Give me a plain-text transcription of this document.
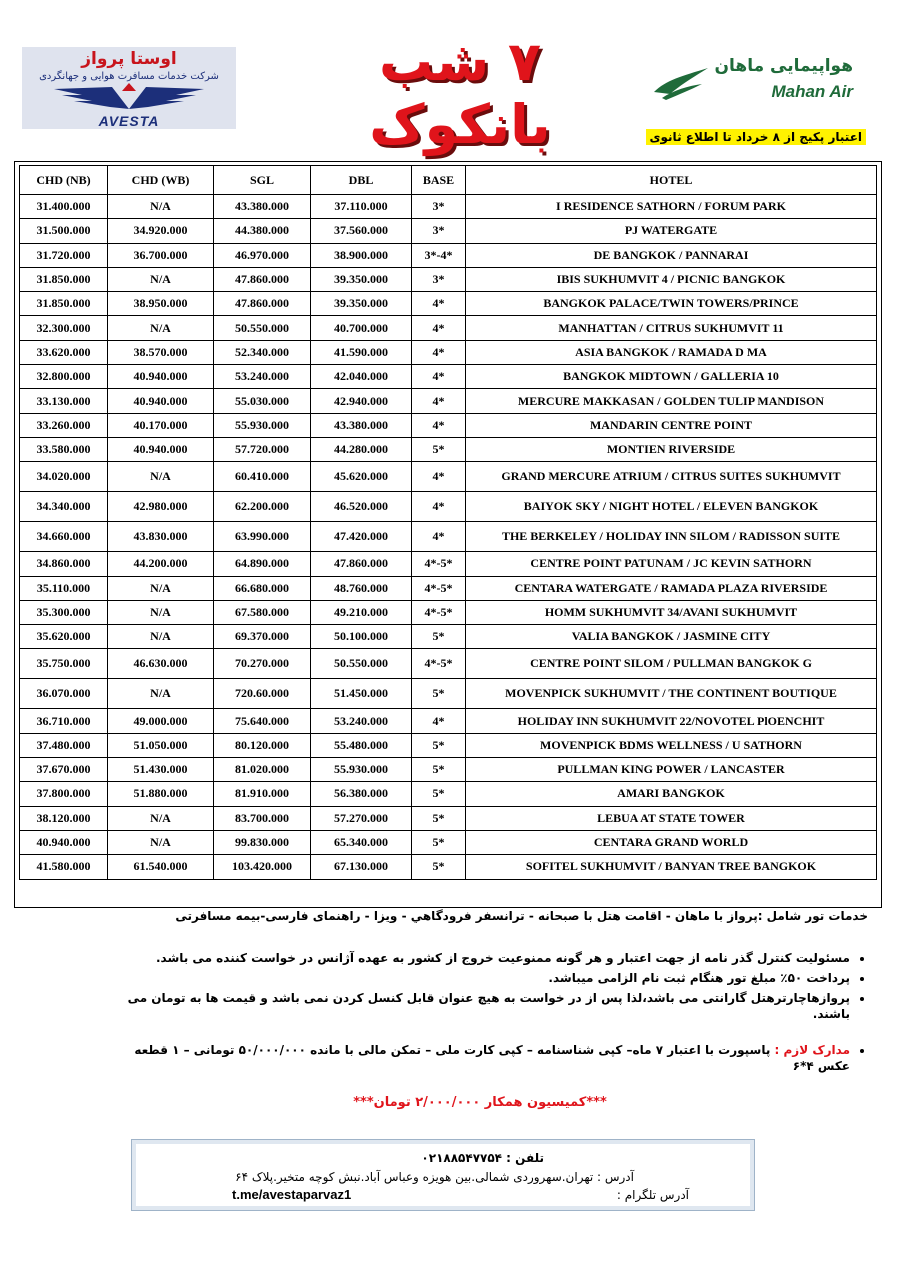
اوستا پرواز
شرکت خدمات مسافرت هوایی و جهانگردی
AVESTA
۷ شب بانکوک
هواپیمایی ماهان
Mahan Air
اعتبار پکیج از ۸ خرداد تا اطلاع ثانوی
CHD (NB)	CHD (WB)	SGL	DBL	BASE	HOTEL
31.400.000	N/A	43.380.000	37.110.000	3*	I RESIDENCE SATHORN / FORUM PARK
31.500.000	34.920.000	44.380.000	37.560.000	3*	PJ WATERGATE
31.720.000	36.700.000	46.970.000	38.900.000	3*-4*	DE BANGKOK / PANNARAI
31.850.000	N/A	47.860.000	39.350.000	3*	IBIS SUKHUMVIT 4 / PICNIC BANGKOK
31.850.000	38.950.000	47.860.000	39.350.000	4*	BANGKOK PALACE/TWIN TOWERS/PRINCE
32.300.000	N/A	50.550.000	40.700.000	4*	MANHATTAN / CITRUS SUKHUMVIT 11
33.620.000	38.570.000	52.340.000	41.590.000	4*	ASIA BANGKOK / RAMADA D MA
32.800.000	40.940.000	53.240.000	42.040.000	4*	BANGKOK MIDTOWN / GALLERIA 10
33.130.000	40.940.000	55.030.000	42.940.000	4*	MERCURE MAKKASAN / GOLDEN TULIP MANDISON
33.260.000	40.170.000	55.930.000	43.380.000	4*	MANDARIN CENTRE POINT
33.580.000	40.940.000	57.720.000	44.280.000	5*	MONTIEN RIVERSIDE
34.020.000	N/A	60.410.000	45.620.000	4*	GRAND MERCURE ATRIUM / CITRUS SUITES SUKHUMVIT
34.340.000	42.980.000	62.200.000	46.520.000	4*	BAIYOK SKY / NIGHT HOTEL / ELEVEN BANGKOK
34.660.000	43.830.000	63.990.000	47.420.000	4*	THE BERKELEY / HOLIDAY INN SILOM / RADISSON SUITE
34.860.000	44.200.000	64.890.000	47.860.000	4*-5*	CENTRE POINT PATUNAM / JC KEVIN SATHORN
35.110.000	N/A	66.680.000	48.760.000	4*-5*	CENTARA WATERGATE / RAMADA PLAZA RIVERSIDE
35.300.000	N/A	67.580.000	49.210.000	4*-5*	HOMM SUKHUMVIT 34/AVANI SUKHUMVIT
35.620.000	N/A	69.370.000	50.100.000	5*	VALIA BANGKOK / JASMINE CITY
35.750.000	46.630.000	70.270.000	50.550.000	4*-5*	CENTRE POINT SILOM / PULLMAN BANGKOK G
36.070.000	N/A	720.60.000	51.450.000	5*	MOVENPICK SUKHUMVIT / THE CONTINENT BOUTIQUE
36.710.000	49.000.000	75.640.000	53.240.000	4*	HOLIDAY INN SUKHUMVIT 22/NOVOTEL PlOENCHIT
37.480.000	51.050.000	80.120.000	55.480.000	5*	MOVENPICK BDMS WELLNESS / U SATHORN
37.670.000	51.430.000	81.020.000	55.930.000	5*	PULLMAN KING POWER / LANCASTER
37.800.000	51.880.000	81.910.000	56.380.000	5*	AMARI BANGKOK
38.120.000	N/A	83.700.000	57.270.000	5*	LEBUA AT STATE TOWER
40.940.000	N/A	99.830.000	65.340.000	5*	CENTARA GRAND WORLD
41.580.000	61.540.000	103.420.000	67.130.000	5*	SOFITEL SUKHUMVIT / BANYAN TREE BANGKOK
خدمات تور شامل :پرواز با ماهان - اقامت هتل با صبحانه - ترانسفر فرودگاهي - ویزا - راهنمای فارسی-بیمه مسافرتی
• مسئولیت کنترل گذر نامه از جهت اعتبار و هر گونه ممنوعیت خروج از کشور به عهده آژانس در خواست کننده می باشد.
• پرداخت ۵۰٪ مبلغ تور هنگام ثبت نام الزامی میباشد.
• پروازهاچارترهتل گارانتی می باشد،لذا پس از در خواست به هیچ عنوان قابل کنسل کردن نمی باشد و قیمت ها به تومان می باشند.
• مدارک لازم : پاسپورت با اعتبار ۷ ماه– کپی شناسنامه – کپی کارت ملی – تمکن مالی با مانده ۵۰/۰۰۰/۰۰۰ تومانی – ۱ قطعه عکس ۴*۶
***کمیسیون همکار ۲/۰۰۰/۰۰۰ تومان***
تلفن : ۰۲۱۸۸۵۴۷۷۵۴
آدرس : تهران.سهروردی شمالی.بین هویزه وعباس آباد.نبش کوچه متخیر.پلاک ۶۴
آدرس تلگرام :
t.me/avestaparvaz1
